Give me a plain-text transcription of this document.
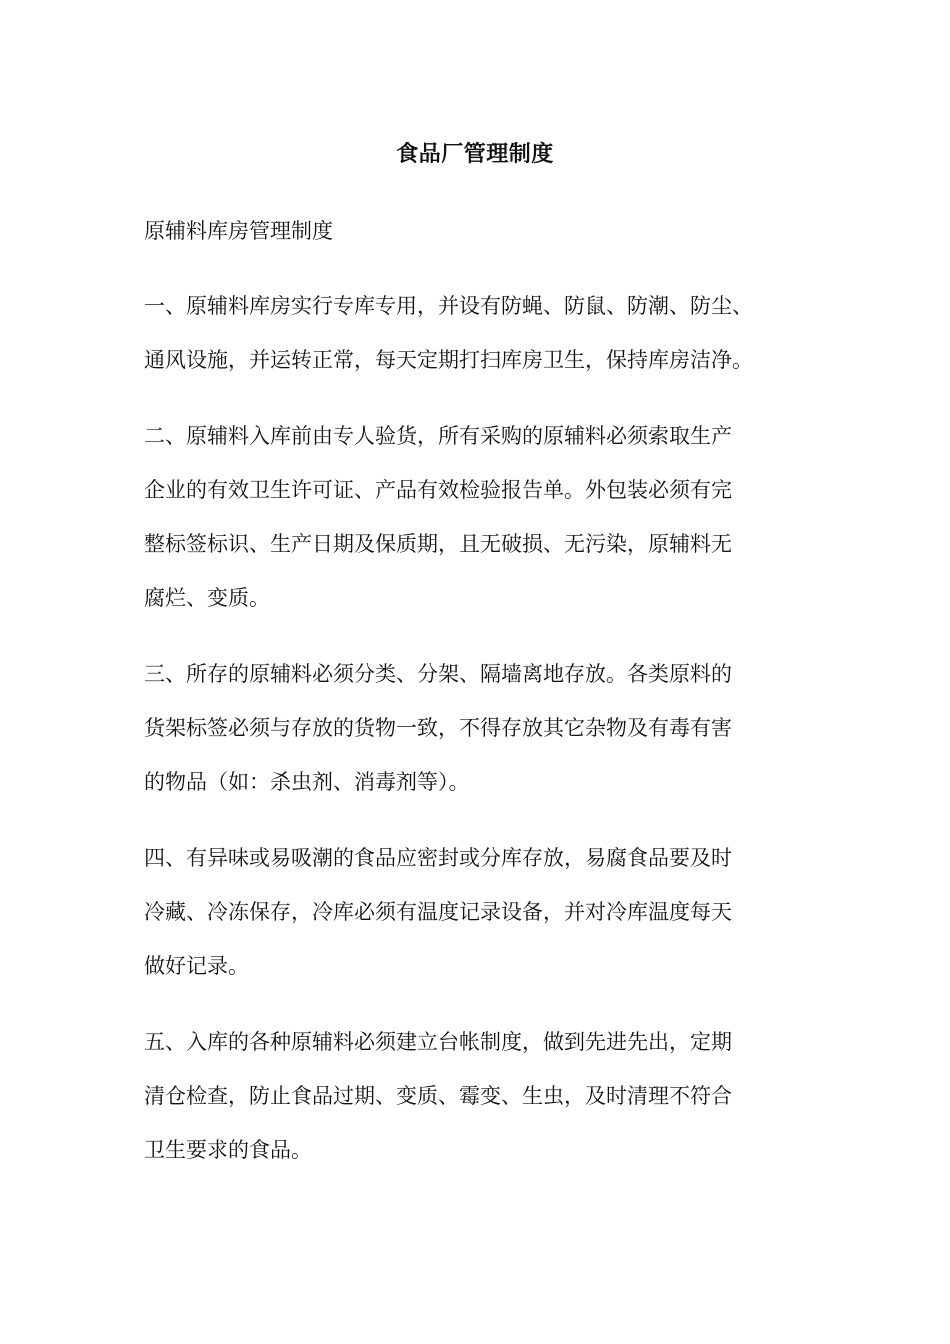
食品厂管理制度
原辅料库房管理制度
一、原辅料库房实行专库专用，并设有防蝇、防鼠、防潮、防尘、
通风设施，并运转正常，每天定期打扫库房卫生，保持库房洁净。
二、原辅料入库前由专人验货，所有采购的原辅料必须索取生产
企业的有效卫生许可证、产品有效检验报告单。外包装必须有完
整标签标识、生产日期及保质期，且无破损、无污染，原辅料无
腐烂、变质。
三、所存的原辅料必须分类、分架、隔墙离地存放。各类原料的
货架标签必须与存放的货物一致，不得存放其它杂物及有毒有害
的物品（如：杀虫剂、消毒剂等）。
四、有异味或易吸潮的食品应密封或分库存放，易腐食品要及时
冷藏、冷冻保存，冷库必须有温度记录设备，并对冷库温度每天
做好记录。
五、入库的各种原辅料必须建立台帐制度，做到先进先出，定期
清仓检查，防止食品过期、变质、霉变、生虫，及时清理不符合
卫生要求的食品。
